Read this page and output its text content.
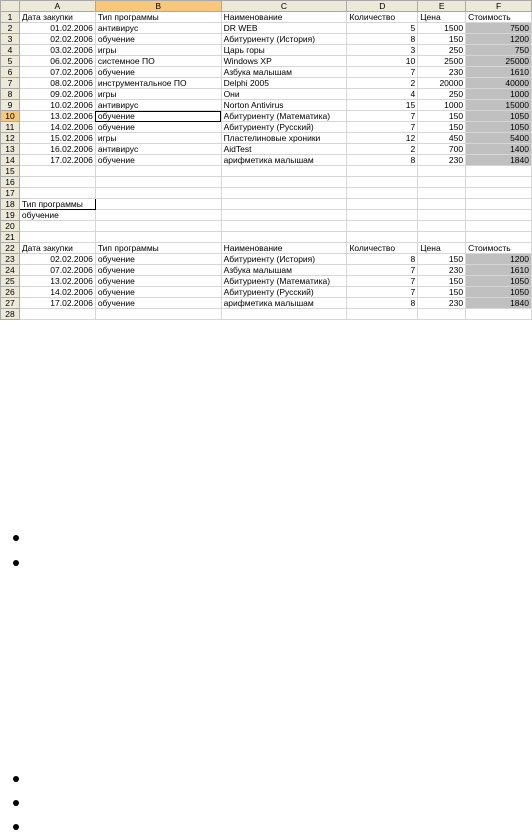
	A	B	C	D	E	F
1	Дата закупки	Тип программы	Наименование	Количество	Цена	Стоимость
2	01.02.2006	антивирус	DR WEB	5	1500	7500
3	02.02.2006	обучение	Абитуриенту (История)	8	150	1200
4	03.02.2006	игры	Царь горы	3	250	750
5	06.02.2006	системное ПО	Windows XP	10	2500	25000
6	07.02.2006	обучение	Азбука малышам	7	230	1610
7	08.02.2006	инструментальное ПО	Delphi 2005	2	20000	40000
8	09.02.2006	игры	Они	4	250	1000
9	10.02.2006	антивирус	Norton Antivirus	15	1000	15000
10	13.02.2006	обучение	Абитуриенту (Математика)	7	150	1050
11	14.02.2006	обучение	Абитуриенту (Русский)	7	150	1050
12	15.02.2006	игры	Пластелиновые хроники	12	450	5400
13	16.02.2006	антивирус	AidTest	2	700	1400
14	17.02.2006	обучение	арифметика малышам	8	230	1840
15						
16						
17						
18	Тип программы					
19	обучение					
20						
21						
22	Дата закупки	Тип программы	Наименование	Количество	Цена	Стоимость
23	02.02.2006	обучение	Абитуриенту (История)	8	150	1200
24	07.02.2006	обучение	Азбука малышам	7	230	1610
25	13.02.2006	обучение	Абитуриенту (Математика)	7	150	1050
26	14.02.2006	обучение	Абитуриенту (Русский)	7	150	1050
27	17.02.2006	обучение	арифметика малышам	8	230	1840
28						
